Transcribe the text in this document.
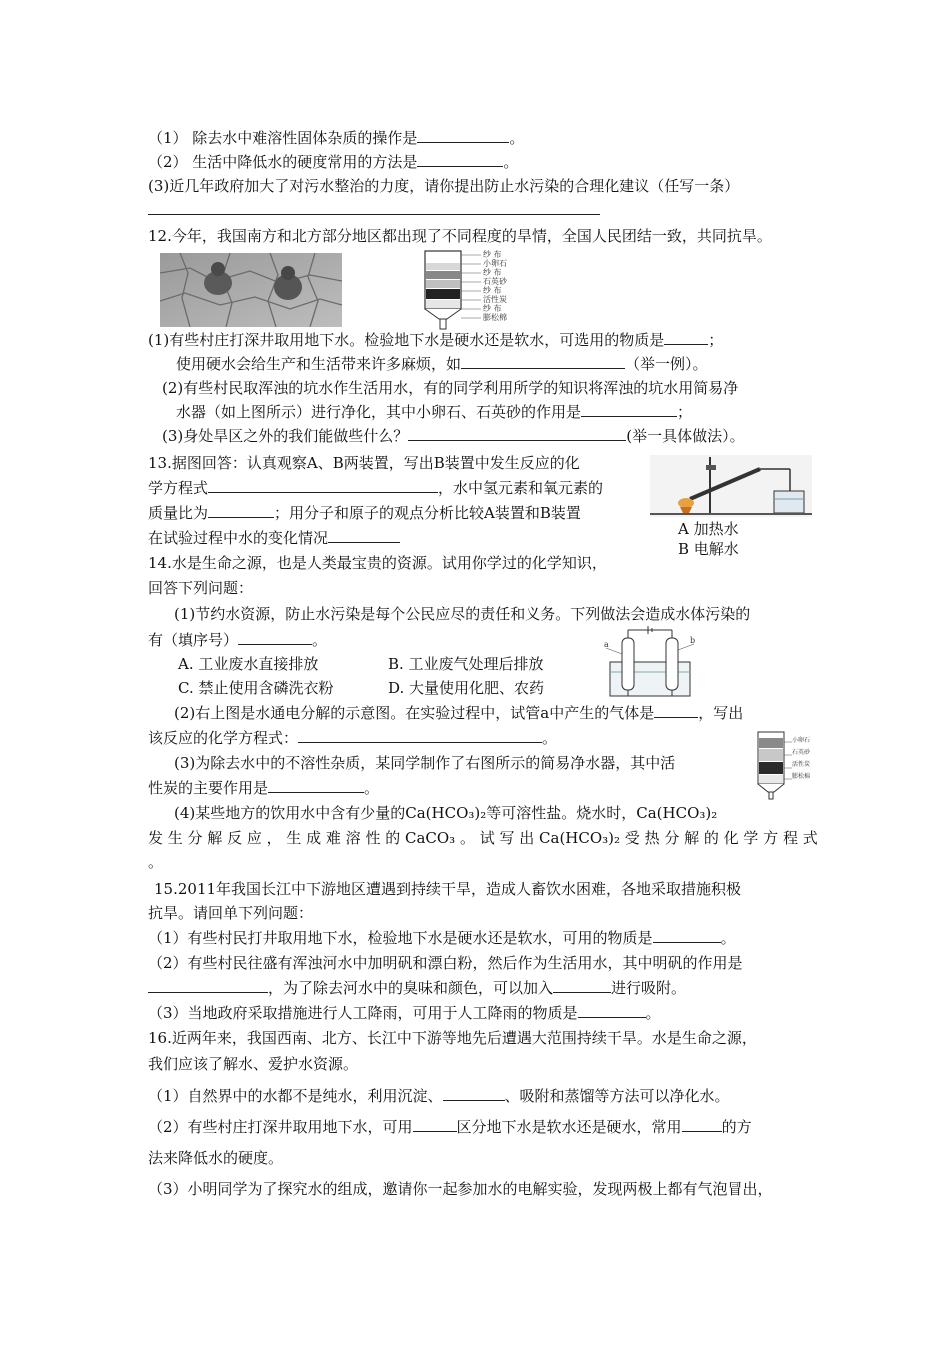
（1） 除去水中难溶性固体杂质的操作是	。
（2） 生活中降低水的硬度常用的方法是	。
(3)近几年政府加大了对污水整治的力度，请你提出防止水污染的合理化建议（任写一条）
12.今年，我国南方和北方部分地区都出现了不同程度的旱情，全国人民团结一致，共同抗旱。
纱 布
小卵石
纱 布
石英砂
纱 布
活性炭
纱 布
膨松棉
(1)有些村庄打深井取用地下水。检验地下水是硬水还是软水，可选用的物质是	；
使用硬水会给生产和生活带来许多麻烦，如	（举一例）。
(2)有些村民取浑浊的坑水作生活用水，有的同学利用所学的知识将浑浊的坑水用简易净
水器（如上图所示）进行净化，其中小卵石、石英砂的作用是	；
(3)身处旱区之外的我们能做些什么？	(举一具体做法）。
13.据图回答：认真观察A、B两装置，写出B装置中发生反应的化
学方程式	，水中氢元素和氧元素的
质量比为	；用分子和原子的观点分析比较A装置和B装置
在试验过程中水的变化情况	A 加热水
B 电解水
14.水是生命之源，也是人类最宝贵的资源。试用你学过的化学知识，
回答下列问题：
(1)节约水资源，防止水污染是每个公民应尽的责任和义务。下列做法会造成水体污染的
有（填序号）	。
A. 工业废水直接排放	B. 工业废气处理后排放
C. 禁止使用含磷洗衣粉	D. 大量使用化肥、农药
a	b
(2)右上图是水通电分解的示意图。在实验过程中，试管a中产生的气体是	，写出
该反应的化学方程式：	。	小卵石
石英砂
活性炭
膨松棉
(3)为除去水中的不溶性杂质，某同学制作了右图所示的简易净水器，其中活
性炭的主要作用是	。
(4)某些地方的饮用水中含有少量的Ca(HCO₃)₂等可溶性盐。烧水时，Ca(HCO₃)₂
发 生 分 解 反 应 ， 生 成 难 溶 性 的 CaCO₃ 。 试 写 出 Ca(HCO₃)₂ 受 热 分 解 的 化 学 方 程 式
。
15.2011年我国长江中下游地区遭遇到持续干旱，造成人畜饮水困难，各地采取措施积极
抗旱。请回单下列问题：
（1）有些村民打井取用地下水，检验地下水是硬水还是软水，可用的物质是	。
（2）有些村民往盛有浑浊河水中加明矾和漂白粉，然后作为生活用水，其中明矾的作用是
，为了除去河水中的臭味和颜色，可以加入	进行吸附。
（3）当地政府采取措施进行人工降雨，可用于人工降雨的物质是	。
16.近两年来，我国西南、北方、长江中下游等地先后遭遇大范围持续干旱。水是生命之源，
我们应该了解水、爱护水资源。
（1）自然界中的水都不是纯水，利用沉淀、	、吸附和蒸馏等方法可以净化水。
（2）有些村庄打深井取用地下水，可用	区分地下水是软水还是硬水，常用	的方
法来降低水的硬度。
（3）小明同学为了探究水的组成，邀请你一起参加水的电解实验，发现两极上都有气泡冒出，
